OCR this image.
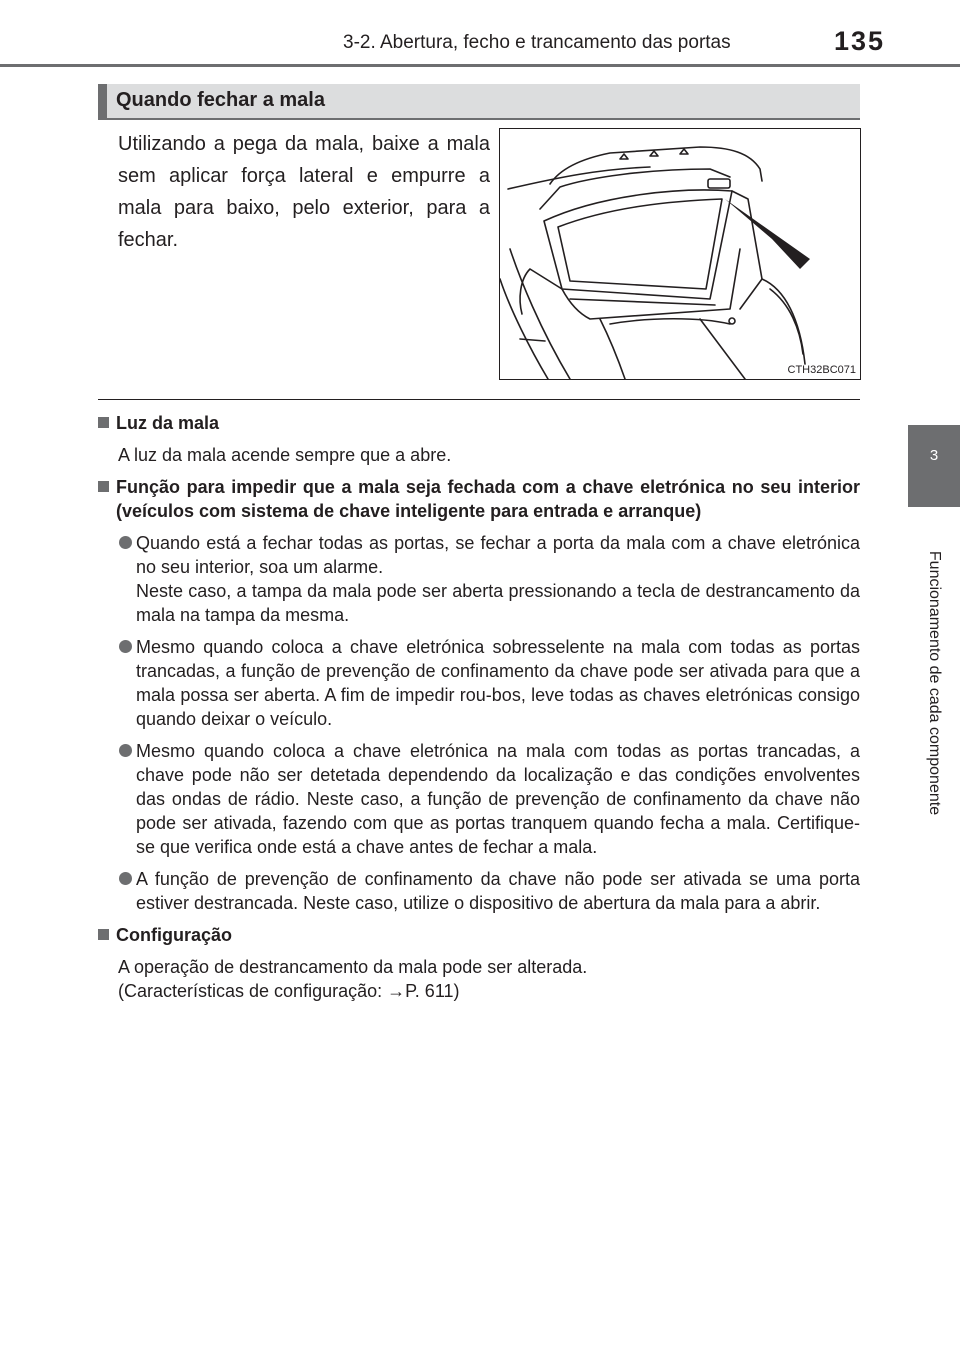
3-2. Abertura, fecho e trancamento das portas	135
3
Funcionamento de cada componente
Quando fechar a mala
Utilizando a pega da mala, baixe a mala sem aplicar força lateral e empurre a mala para baixo, pelo exterior, para a fechar.
CTH32BC071
Luz da mala
A luz da mala acende sempre que a abre.
Função para impedir que a mala seja fechada com a chave eletrónica no seu interior (veículos com sistema de chave inteligente para entrada e arranque)
Quando está a fechar todas as portas, se fechar a porta da mala com a chave eletrónica no seu interior, soa um alarme.
Neste caso, a tampa da mala pode ser aberta pressionando a tecla de destrancamento da mala na tampa da mesma.
Mesmo quando coloca a chave eletrónica sobresselente na mala com todas as portas trancadas, a função de prevenção de confinamento da chave pode ser ativada para que a mala possa ser aberta. A fim de impedir rou-bos, leve todas as chaves eletrónicas consigo quando deixar o veículo.
Mesmo quando coloca a chave eletrónica na mala com todas as portas trancadas, a chave pode não ser detetada dependendo da localização e das condições envolventes das ondas de rádio. Neste caso, a função de prevenção de confinamento da chave não pode ser ativada, fazendo com que as portas tranquem quando fecha a mala. Certifique-se que verifica onde está a chave antes de fechar a mala.
A função de prevenção de confinamento da chave não pode ser ativada se uma porta estiver destrancada. Neste caso, utilize o dispositivo de abertura da mala para a abrir.
Configuração
A operação de destrancamento da mala pode ser alterada.
(Características de configuração: →P. 611)
